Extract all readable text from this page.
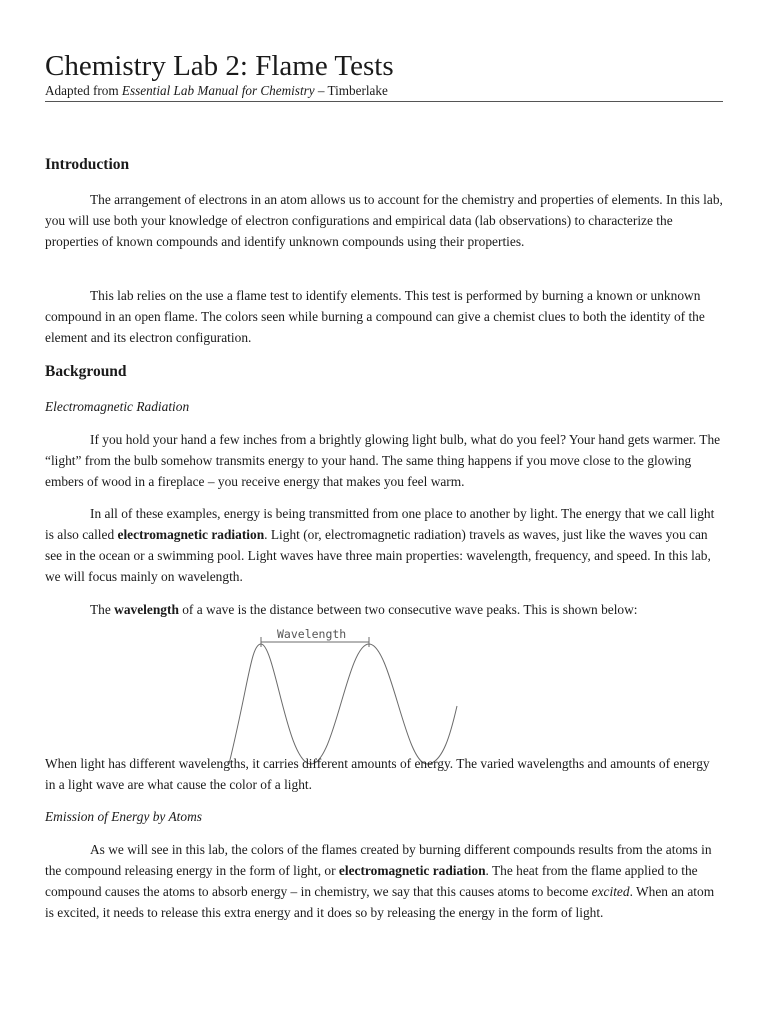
Chemistry Lab 2: Flame Tests
Adapted from Essential Lab Manual for Chemistry – Timberlake
Introduction

The arrangement of electrons in an atom allows us to account for the chemistry and properties of elements. In this lab, you will use both your knowledge of electron configurations and empirical data (lab observations) to characterize the properties of known compounds and identify unknown compounds using their properties.

This lab relies on the use a flame test to identify elements. This test is performed by burning a known or unknown compound in an open flame. The colors seen while burning a compound can give a chemist clues to both the identity of the element and its electron configuration.

Background
Electromagnetic Radiation

If you hold your hand a few inches from a brightly glowing light bulb, what do you feel? Your hand gets warmer. The “light” from the bulb somehow transmits energy to your hand. The same thing happens if you move close to the glowing embers of wood in a fireplace – you receive energy that makes you feel warm.

In all of these examples, energy is being transmitted from one place to another by light. The energy that we call light is also called electromagnetic radiation. Light (or, electromagnetic radiation) travels as waves, just like the waves you can see in the ocean or a swimming pool. Light waves have three main properties: wavelength, frequency, and speed. In this lab, we will focus mainly on wavelength.

The wavelength of a wave is the distance between two consecutive wave peaks. This is shown below:

Wavelength

When light has different wavelengths, it carries different amounts of energy. The varied wavelengths and amounts of energy in a light wave are what cause the color of a light.

Emission of Energy by Atoms

As we will see in this lab, the colors of the flames created by burning different compounds results from the atoms in the compound releasing energy in the form of light, or electromagnetic radiation. The heat from the flame applied to the compound causes the atoms to absorb energy – in chemistry, we say that this causes atoms to become excited. When an atom is excited, it needs to release this extra energy and it does so by releasing the energy in the form of light.
